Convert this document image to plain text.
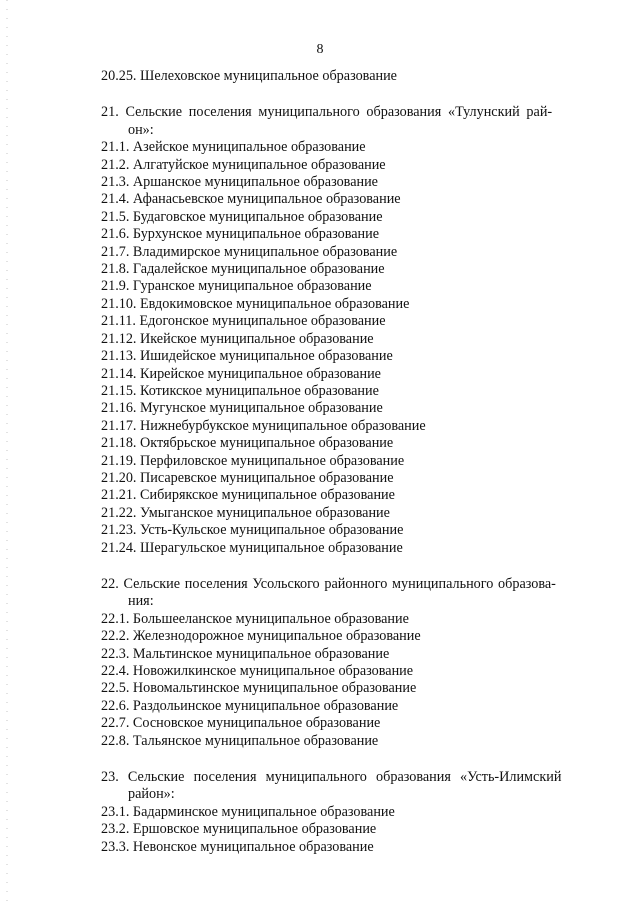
8
20.25. Шелеховское муниципальное образование
21. Сельские поселения муниципального образования «Тулунский рай-
он»:
21.1. Азейское муниципальное образование
21.2. Алгатуйское муниципальное образование
21.3. Аршанское муниципальное образование
21.4. Афанасьевское муниципальное образование
21.5. Будаговское муниципальное образование
21.6. Бурхунское муниципальное образование
21.7. Владимирское муниципальное образование
21.8. Гадалейское муниципальное образование
21.9. Гуранское муниципальное образование
21.10. Евдокимовское муниципальное образование
21.11. Едогонское муниципальное образование
21.12. Икейское муниципальное образование
21.13. Ишидейское муниципальное образование
21.14. Кирейское муниципальное образование
21.15. Котикское муниципальное образование
21.16. Мугунское муниципальное образование
21.17. Нижнебурбукское муниципальное образование
21.18. Октябрьское муниципальное образование
21.19. Перфиловское муниципальное образование
21.20. Писаревское муниципальное образование
21.21. Сибирякское муниципальное образование
21.22. Умыганское муниципальное образование
21.23. Усть-Кульское муниципальное образование
21.24. Шерагульское муниципальное образование
22. Сельские поселения Усольского районного муниципального образова-
ния:
22.1. Большееланское муниципальное образование
22.2. Железнодорожное муниципальное образование
22.3. Мальтинское муниципальное образование
22.4. Новожилкинское муниципальное образование
22.5. Новомальтинское муниципальное образование
22.6. Раздольинское муниципальное образование
22.7. Сосновское муниципальное образование
22.8. Тальянское муниципальное образование
23. Сельские поселения муниципального образования «Усть-Илимский
район»:
23.1. Бадарминское муниципальное образование
23.2. Ершовское муниципальное образование
23.3. Невонское муниципальное образование
